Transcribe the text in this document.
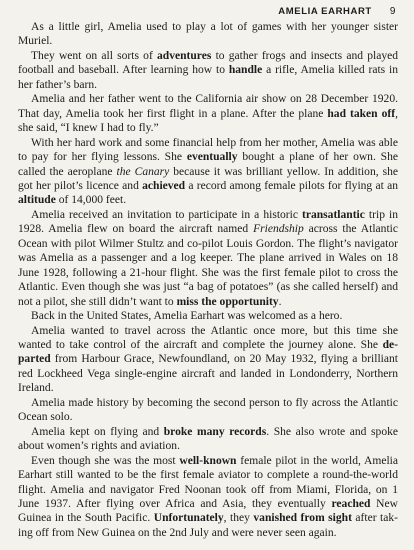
AMELIA EARHART 9

As a little girl, Amelia used to play a lot of games with her younger sister Muriel.

They went on all sorts of adventures to gather frogs and insects and played football and baseball. After learning how to handle a rifle, Amelia killed rats in her father’s barn.

Amelia and her father went to the California air show on 28 December 1920. That day, Amelia took her first flight in a plane. After the plane had taken off, she said, “I knew I had to fly.”

With her hard work and some financial help from her mother, Amelia was able to pay for her flying lessons. She eventually bought a plane of her own. She called the aeroplane the Canary because it was brilliant yellow. In addition, she got her pilot’s licence and achieved a record among female pilots for flying at an altitude of 14,000 feet.

Amelia received an invitation to participate in a historic transatlantic trip in 1928. Amelia flew on board the aircraft named Friendship across the Atlantic Ocean with pilot Wilmer Stultz and co-pilot Louis Gordon. The flight’s navigator was Amelia as a passenger and a log keeper. The plane arrived in Wales on 18 June 1928, following a 21-hour flight. She was the first female pilot to cross the Atlantic. Even though she was just “a bag of potatoes” (as she called herself) and not a pilot, she still didn’t want to miss the opportunity.

Back in the United States, Amelia Earhart was welcomed as a hero.

Amelia wanted to travel across the Atlantic once more, but this time she wanted to take control of the aircraft and complete the journey alone. She departed from Harbour Grace, Newfoundland, on 20 May 1932, flying a brilliant red Lockheed Vega single-engine aircraft and landed in Londonderry, Northern Ireland.

Amelia made history by becoming the second person to fly across the Atlantic Ocean solo.

Amelia kept on flying and broke many records. She also wrote and spoke about women’s rights and aviation.

Even though she was the most well-known female pilot in the world, Amelia Earhart still wanted to be the first female aviator to complete a round-the-world flight. Amelia and navigator Fred Noonan took off from Miami, Florida, on 1 June 1937. After flying over Africa and Asia, they eventually reached New Guinea in the South Pacific. Unfortunately, they vanished from sight after taking off from New Guinea on the 2nd July and were never seen again.
